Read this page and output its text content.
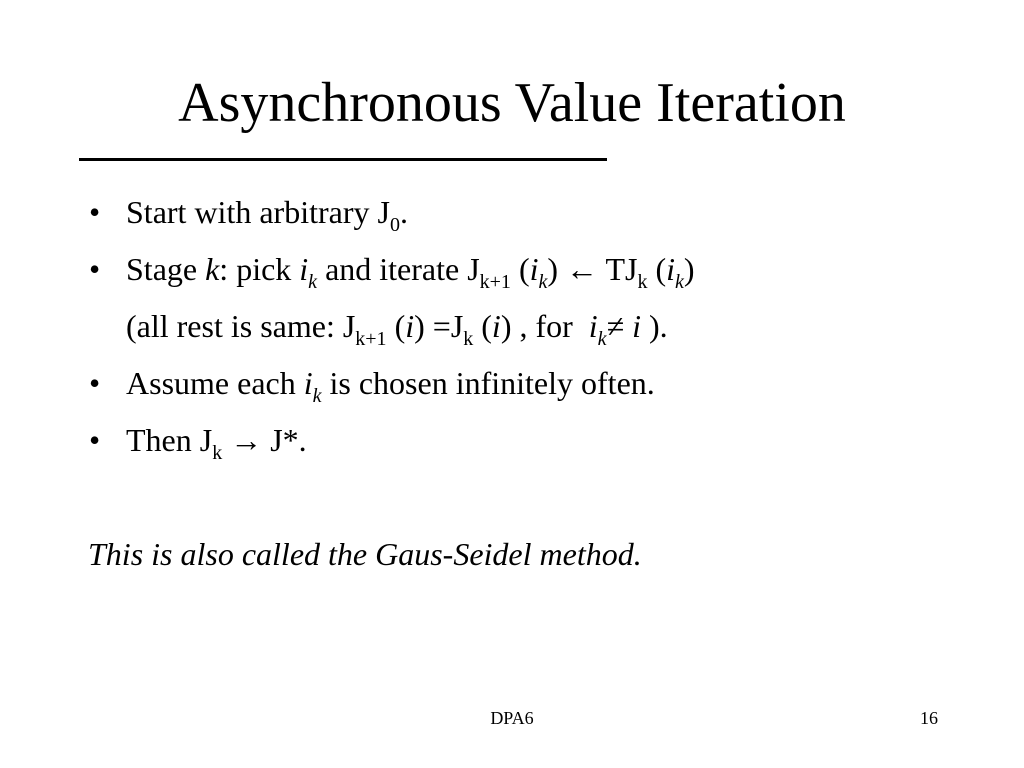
Asynchronous Value Iteration
• Start with arbitrary $J_0$.
• Stage k: pick $i_k$ and iterate $J_{k+1}$ $(i_k)$ ← $TJ_k$ $(i_k)$
(all rest is same: $J_{k+1}$ $(i) =J_k$ (i) , for $i_k\ne i$ ).
• Assume each $i_k$ is chosen infinitely often.
• Then $J_k \to J*$.
This is also called the Gaus-Seidel method.
DPA6	16
